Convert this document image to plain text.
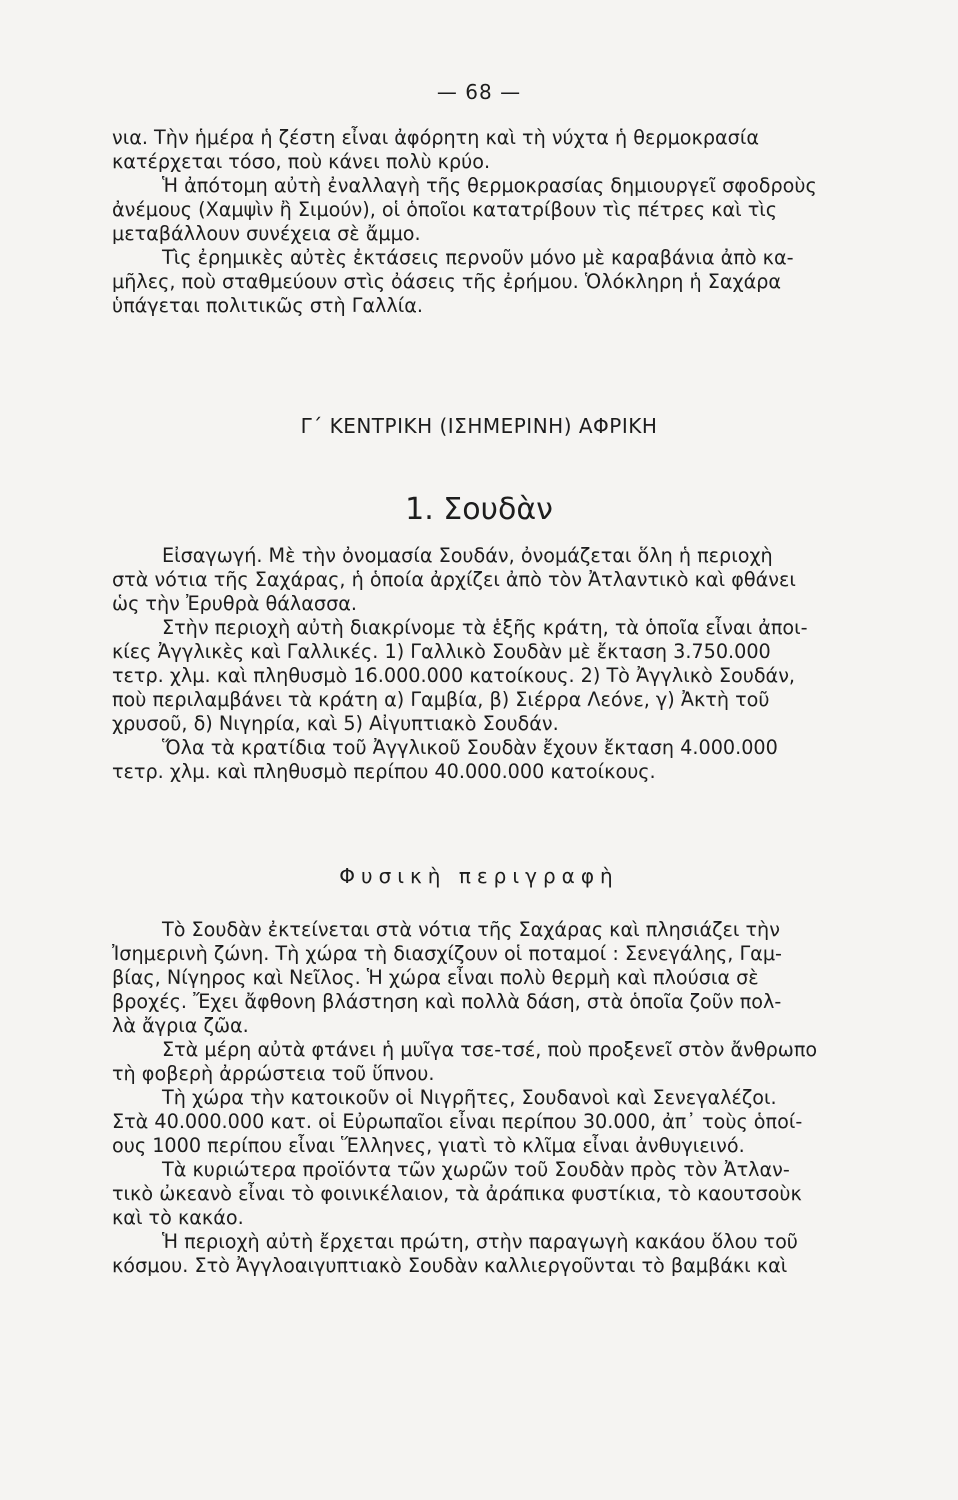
— 68 —
νια. Τὴν ἡμέρα ἡ ζέστη εἶναι ἀφόρητη καὶ τὴ νύχτα ἡ θερμοκρασία
κατέρχεται τόσο, ποὺ κάνει πολὺ κρύο.
Ἡ ἀπότομη αὐτὴ ἐναλλαγὴ τῆς θερμοκρασίας δημιουργεῖ σφοδροὺς
ἀνέμους (Χαμψὶν ἢ Σιμούν), οἱ ὁποῖοι κατατρίβουν τὶς πέτρες καὶ τὶς
μεταβάλλουν συνέχεια σὲ ἄμμο.
Τὶς ἐρημικὲς αὐτὲς ἐκτάσεις περνοῦν μόνο μὲ καραβάνια ἀπὸ κα-
μῆλες, ποὺ σταθμεύουν στὶς ὀάσεις τῆς ἐρήμου. Ὁλόκληρη ἡ Σαχάρα
ὑπάγεται πολιτικῶς στὴ Γαλλία.
Γ΄ ΚΕΝΤΡΙΚΗ (ΙΣΗΜΕΡΙΝΗ) ΑΦΡΙΚΗ
1. Σουδὰν
Εἰσαγωγή. Μὲ τὴν ὀνομασία Σουδάν, ὀνομάζεται ὅλη ἡ περιοχὴ
στὰ νότια τῆς Σαχάρας, ἡ ὁποία ἀρχίζει ἀπὸ τὸν Ἀτλαντικὸ καὶ φθάνει
ὡς τὴν Ἐρυθρὰ θάλασσα.
Στὴν περιοχὴ αὐτὴ διακρίνομε τὰ ἑξῆς κράτη, τὰ ὁποῖα εἶναι ἀποι-
κίες Ἀγγλικὲς καὶ Γαλλικές. 1) Γαλλικὸ Σουδὰν μὲ ἔκταση 3.750.000
τετρ. χλμ. καὶ πληθυσμὸ 16.000.000 κατοίκους. 2) Τὸ Ἀγγλικὸ Σουδάν,
ποὺ περιλαμβάνει τὰ κράτη α) Γαμβία, β) Σιέρρα Λεόνε, γ) Ἀκτὴ τοῦ
χρυσοῦ, δ) Νιγηρία, καὶ 5) Αἰγυπτιακὸ Σουδάν.
Ὅλα τὰ κρατίδια τοῦ Ἀγγλικοῦ Σουδὰν ἔχουν ἔκταση 4.000.000
τετρ. χλμ. καὶ πληθυσμὸ περίπου 40.000.000 κατοίκους.
Φυσικὴ περιγραφὴ
Τὸ Σουδὰν ἐκτείνεται στὰ νότια τῆς Σαχάρας καὶ πλησιάζει τὴν
Ἰσημερινὴ ζώνη. Τὴ χώρα τὴ διασχίζουν οἱ ποταμοί : Σενεγάλης, Γαμ-
βίας, Νίγηρος καὶ Νεῖλος. Ἡ χώρα εἶναι πολὺ θερμὴ καὶ πλούσια σὲ
βροχές. Ἔχει ἄφθονη βλάστηση καὶ πολλὰ δάση, στὰ ὁποῖα ζοῦν πολ-
λὰ ἄγρια ζῶα.
Στὰ μέρη αὐτὰ φτάνει ἡ μυῖγα τσε-τσέ, ποὺ προξενεῖ στὸν ἄνθρωπο
τὴ φοβερὴ ἀρρώστεια τοῦ ὕπνου.
Τὴ χώρα τὴν κατοικοῦν οἱ Νιγρῆτες, Σουδανοὶ καὶ Σενεγαλέζοι.
Στὰ 40.000.000 κατ. οἱ Εὐρωπαῖοι εἶναι περίπου 30.000, ἀπ᾿ τοὺς ὁποί-
ους 1000 περίπου εἶναι Ἕλληνες, γιατὶ τὸ κλῖμα εἶναι ἀνθυγιεινό.
Τὰ κυριώτερα προϊόντα τῶν χωρῶν τοῦ Σουδὰν πρὸς τὸν Ἀτλαν-
τικὸ ὠκεανὸ εἶναι τὸ φοινικέλαιον, τὰ ἀράπικα φυστίκια, τὸ καουτσοὺκ
καὶ τὸ κακάο.
Ἡ περιοχὴ αὐτὴ ἔρχεται πρώτη, στὴν παραγωγὴ κακάου ὅλου τοῦ
κόσμου. Στὸ Ἀγγλοαιγυπτιακὸ Σουδὰν καλλιεργοῦνται τὸ βαμβάκι καὶ
